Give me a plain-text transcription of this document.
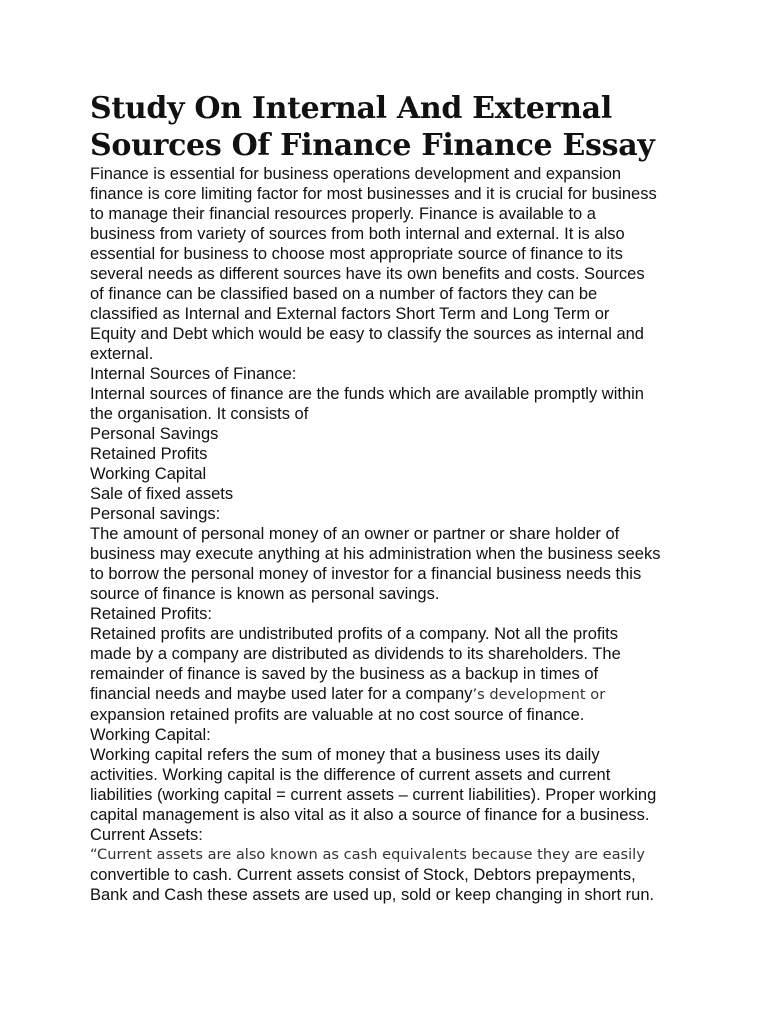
Study On Internal And External
Sources Of Finance Finance Essay
Finance is essential for business operations development and expansion
finance is core limiting factor for most businesses and it is crucial for business
to manage their financial resources properly. Finance is available to a
business from variety of sources from both internal and external. It is also
essential for business to choose most appropriate source of finance to its
several needs as different sources have its own benefits and costs. Sources
of finance can be classified based on a number of factors they can be
classified as Internal and External factors Short Term and Long Term or
Equity and Debt which would be easy to classify the sources as internal and
external.
Internal Sources of Finance:
Internal sources of finance are the funds which are available promptly within
the organisation. It consists of
Personal Savings
Retained Profits
Working Capital
Sale of fixed assets
Personal savings:
The amount of personal money of an owner or partner or share holder of
business may execute anything at his administration when the business seeks
to borrow the personal money of investor for a financial business needs this
source of finance is known as personal savings.
Retained Profits:
Retained profits are undistributed profits of a company. Not all the profits
made by a company are distributed as dividends to its shareholders. The
remainder of finance is saved by the business as a backup in times of
financial needs and maybe used later for a company’s development or
expansion retained profits are valuable at no cost source of finance.
Working Capital:
Working capital refers the sum of money that a business uses its daily
activities. Working capital is the difference of current assets and current
liabilities (working capital = current assets – current liabilities). Proper working
capital management is also vital as it also a source of finance for a business.
Current Assets:
“Current assets are also known as cash equivalents because they are easily
convertible to cash. Current assets consist of Stock, Debtors prepayments,
Bank and Cash these assets are used up, sold or keep changing in short run.
